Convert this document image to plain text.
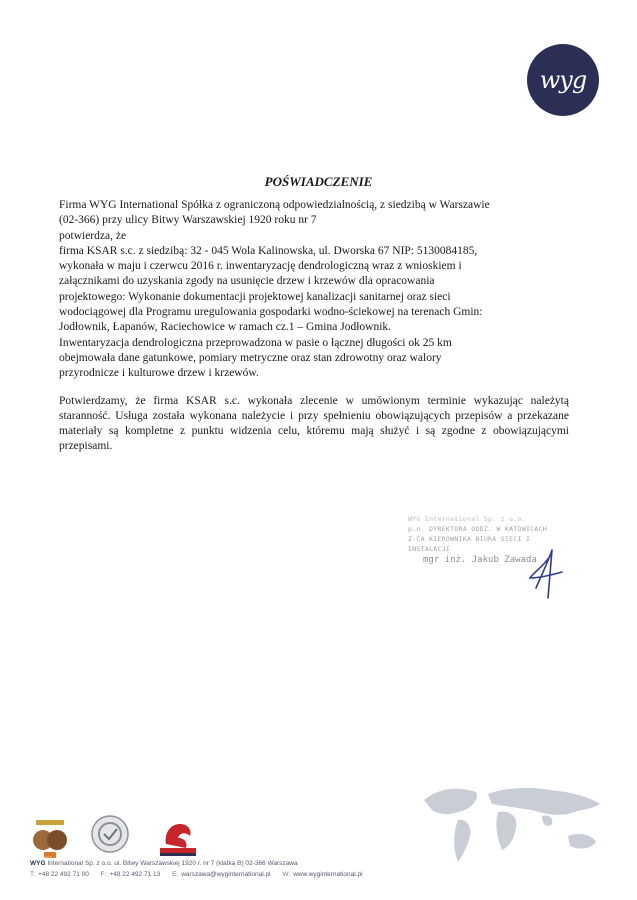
wyg
POŚWIADCZENIE

Firma WYG International Spółka z ograniczoną odpowiedzialnością, z siedzibą w Warszawie
(02-366) przy ulicy Bitwy Warszawskiej 1920 roku nr 7
potwierdza, że
firma KSAR s.c. z siedzibą: 32 - 045 Wola Kalinowska, ul. Dworska 67 NIP: 5130084185,
wykonała w maju i czerwcu 2016 r. inwentaryzację dendrologiczną wraz z wnioskiem i
załącznikami do uzyskania zgody na usunięcie drzew i krzewów dla opracowania
projektowego: Wykonanie dokumentacji projektowej kanalizacji sanitarnej oraz sieci
wodociągowej dla Programu uregulowania gospodarki wodno-ściekowej na terenach Gmin:
Jodłownik, Łapanów, Raciechowice w ramach cz.1 – Gmina Jodłownik.
Inwentaryzacja dendrologiczna przeprowadzona w pasie o łącznej długości ok 25 km
obejmowała dane gatunkowe, pomiary metryczne oraz stan zdrowotny oraz walory
przyrodnicze i kulturowe drzew i krzewów.

Potwierdzamy, że firma KSAR s.c. wykonała zlecenie w umówionym terminie wykazując należytą staranność. Usługa została wykonana należycie i przy spełnieniu obowiązujących przepisów a przekazane materiały są kompletne z punktu widzenia celu, któremu mają służyć i są zgodne z obowiązującymi przepisami.

WYG International Sp. z o.o.
p.o. DYREKTORA ODDZ. W KATOWICACH
Z-CA KIEROWNIKA BIURA SIECI I INSTALACJI
mgr inż. Jakub Zawada
WYG
WYG International Sp. z o.o. ul. Bitwy Warszawskiej 1920 r. nr 7 (klatka B) 02-366 Warszawa
T: +48 22 492 71 00 F: +48 22 492 71 13 E: warszawa@wyginternational.pl W: www.wyginternational.pl
